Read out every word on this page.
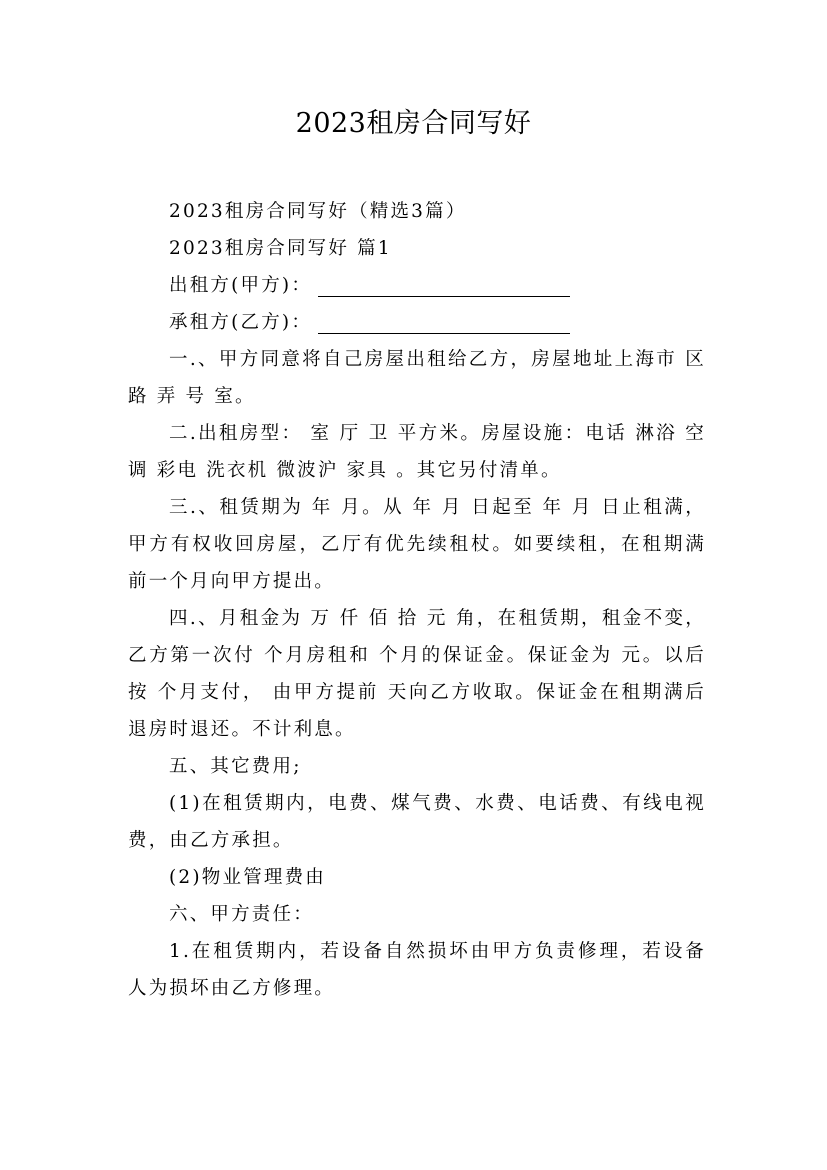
2023租房合同写好

2023租房合同写好（精选3篇）

2023租房合同写好 篇1

出租方(甲方)：

承租方(乙方)：

一.、甲方同意将自己房屋出租给乙方，房屋地址上海市 区 路 弄 号 室。

二.出租房型： 室 厅 卫 平方米。房屋设施：电话 淋浴 空调 彩电 洗衣机 微波沪 家具 。其它另付清单。

三.、租赁期为 年 月。从 年 月 日起至 年 月 日止租满，甲方有权收回房屋，乙厅有优先续租杖。如要续租，在租期满前一个月向甲方提出。

四.、月租金为 万 仟 佰 拾 元 角，在租赁期，租金不变，乙方第一次付 个月房租和 个月的保证金。保证金为 元。以后按 个月支付， 由甲方提前 天向乙方收取。保证金在租期满后退房时退还。不计利息。

五、其它费用;

(1)在租赁期内，电费、煤气费、水费、电话费、有线电视费，由乙方承担。

(2)物业管理费由

六、甲方责任：

1.在租赁期内，若设备自然损坏由甲方负责修理，若设备人为损坏由乙方修理。
